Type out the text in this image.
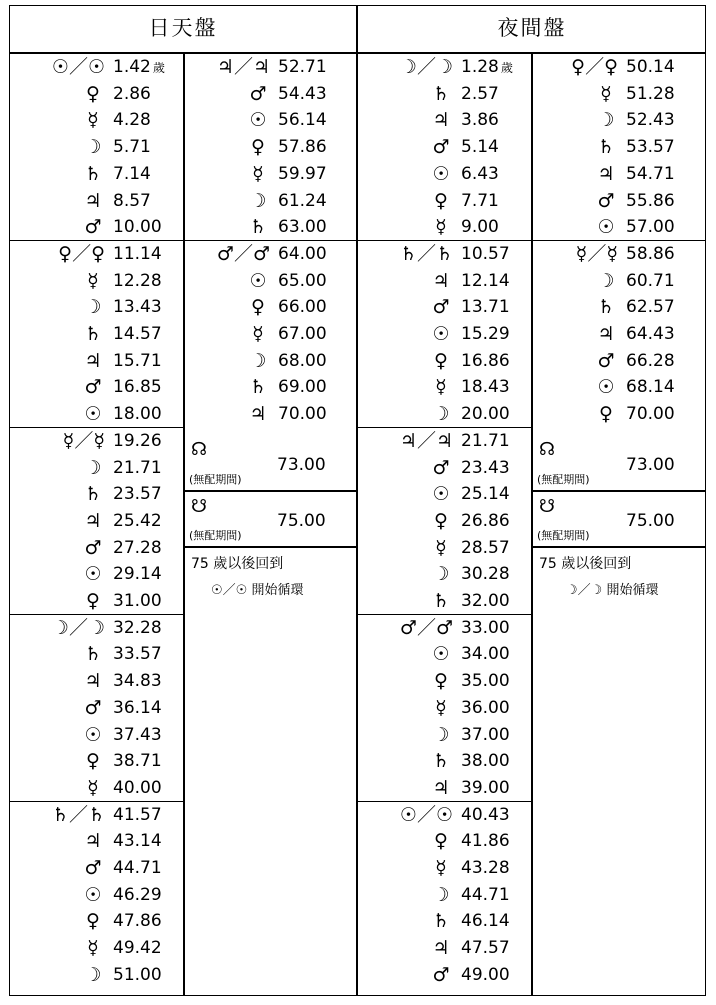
日天盤	夜間盤
☉／☉ 1.42 歲
♀ 2.86
☿ 4.28
☽ 5.71
♄ 7.14
♃ 8.57
♂ 10.00
♀／♀ 11.14
☿ 12.28
☽ 13.43
♄ 14.57
♃ 15.71
♂ 16.85
☉ 18.00
☿／☿ 19.26
☽ 21.71
♄ 23.57
♃ 25.42
♂ 27.28
☉ 29.14
♀ 31.00
☽／☽ 32.28
♄ 33.57
♃ 34.83
♂ 36.14
☉ 37.43
♀ 38.71
☿ 40.00
♄／♄ 41.57
♃ 43.14
♂ 44.71
☉ 46.29
♀ 47.86
☿ 49.42
☽ 51.00
♃／♃ 52.71
♂ 54.43
☉ 56.14
♀ 57.86
☿ 59.97
☽ 61.24
♄ 63.00
♂／♂ 64.00
☉ 65.00
♀ 66.00
☿ 67.00
☽ 68.00
♄ 69.00
♃ 70.00
☽／☽ 1.28 歲
♄ 2.57
♃ 3.86
♂ 5.14
☉ 6.43
♀ 7.71
☿ 9.00
♄／♄ 10.57
♃ 12.14
♂ 13.71
☉ 15.29
♀ 16.86
☿ 18.43
☽ 20.00
♃／♃ 21.71
♂ 23.43
☉ 25.14
♀ 26.86
☿ 28.57
☽ 30.28
♄ 32.00
♂／♂ 33.00
☉ 34.00
♀ 35.00
☿ 36.00
☽ 37.00
♄ 38.00
♃ 39.00
☉／☉ 40.43
♀ 41.86
☿ 43.28
☽ 44.71
♄ 46.14
♃ 47.57
♂ 49.00
♀／♀ 50.14
☿ 51.28
☽ 52.43
♄ 53.57
♃ 54.71
♂ 55.86
☉ 57.00
☿／☿ 58.86
☽ 60.71
♄ 62.57
♃ 64.43
♂ 66.28
☉ 68.14
♀ 70.00
☊
(無配期間)
73.00
☋
(無配期間)
75.00
75 歲以後回到
☉／☉ 開始循環
☊
(無配期間)
73.00
☋
(無配期間)
75.00
75 歲以後回到
☽／☽ 開始循環
